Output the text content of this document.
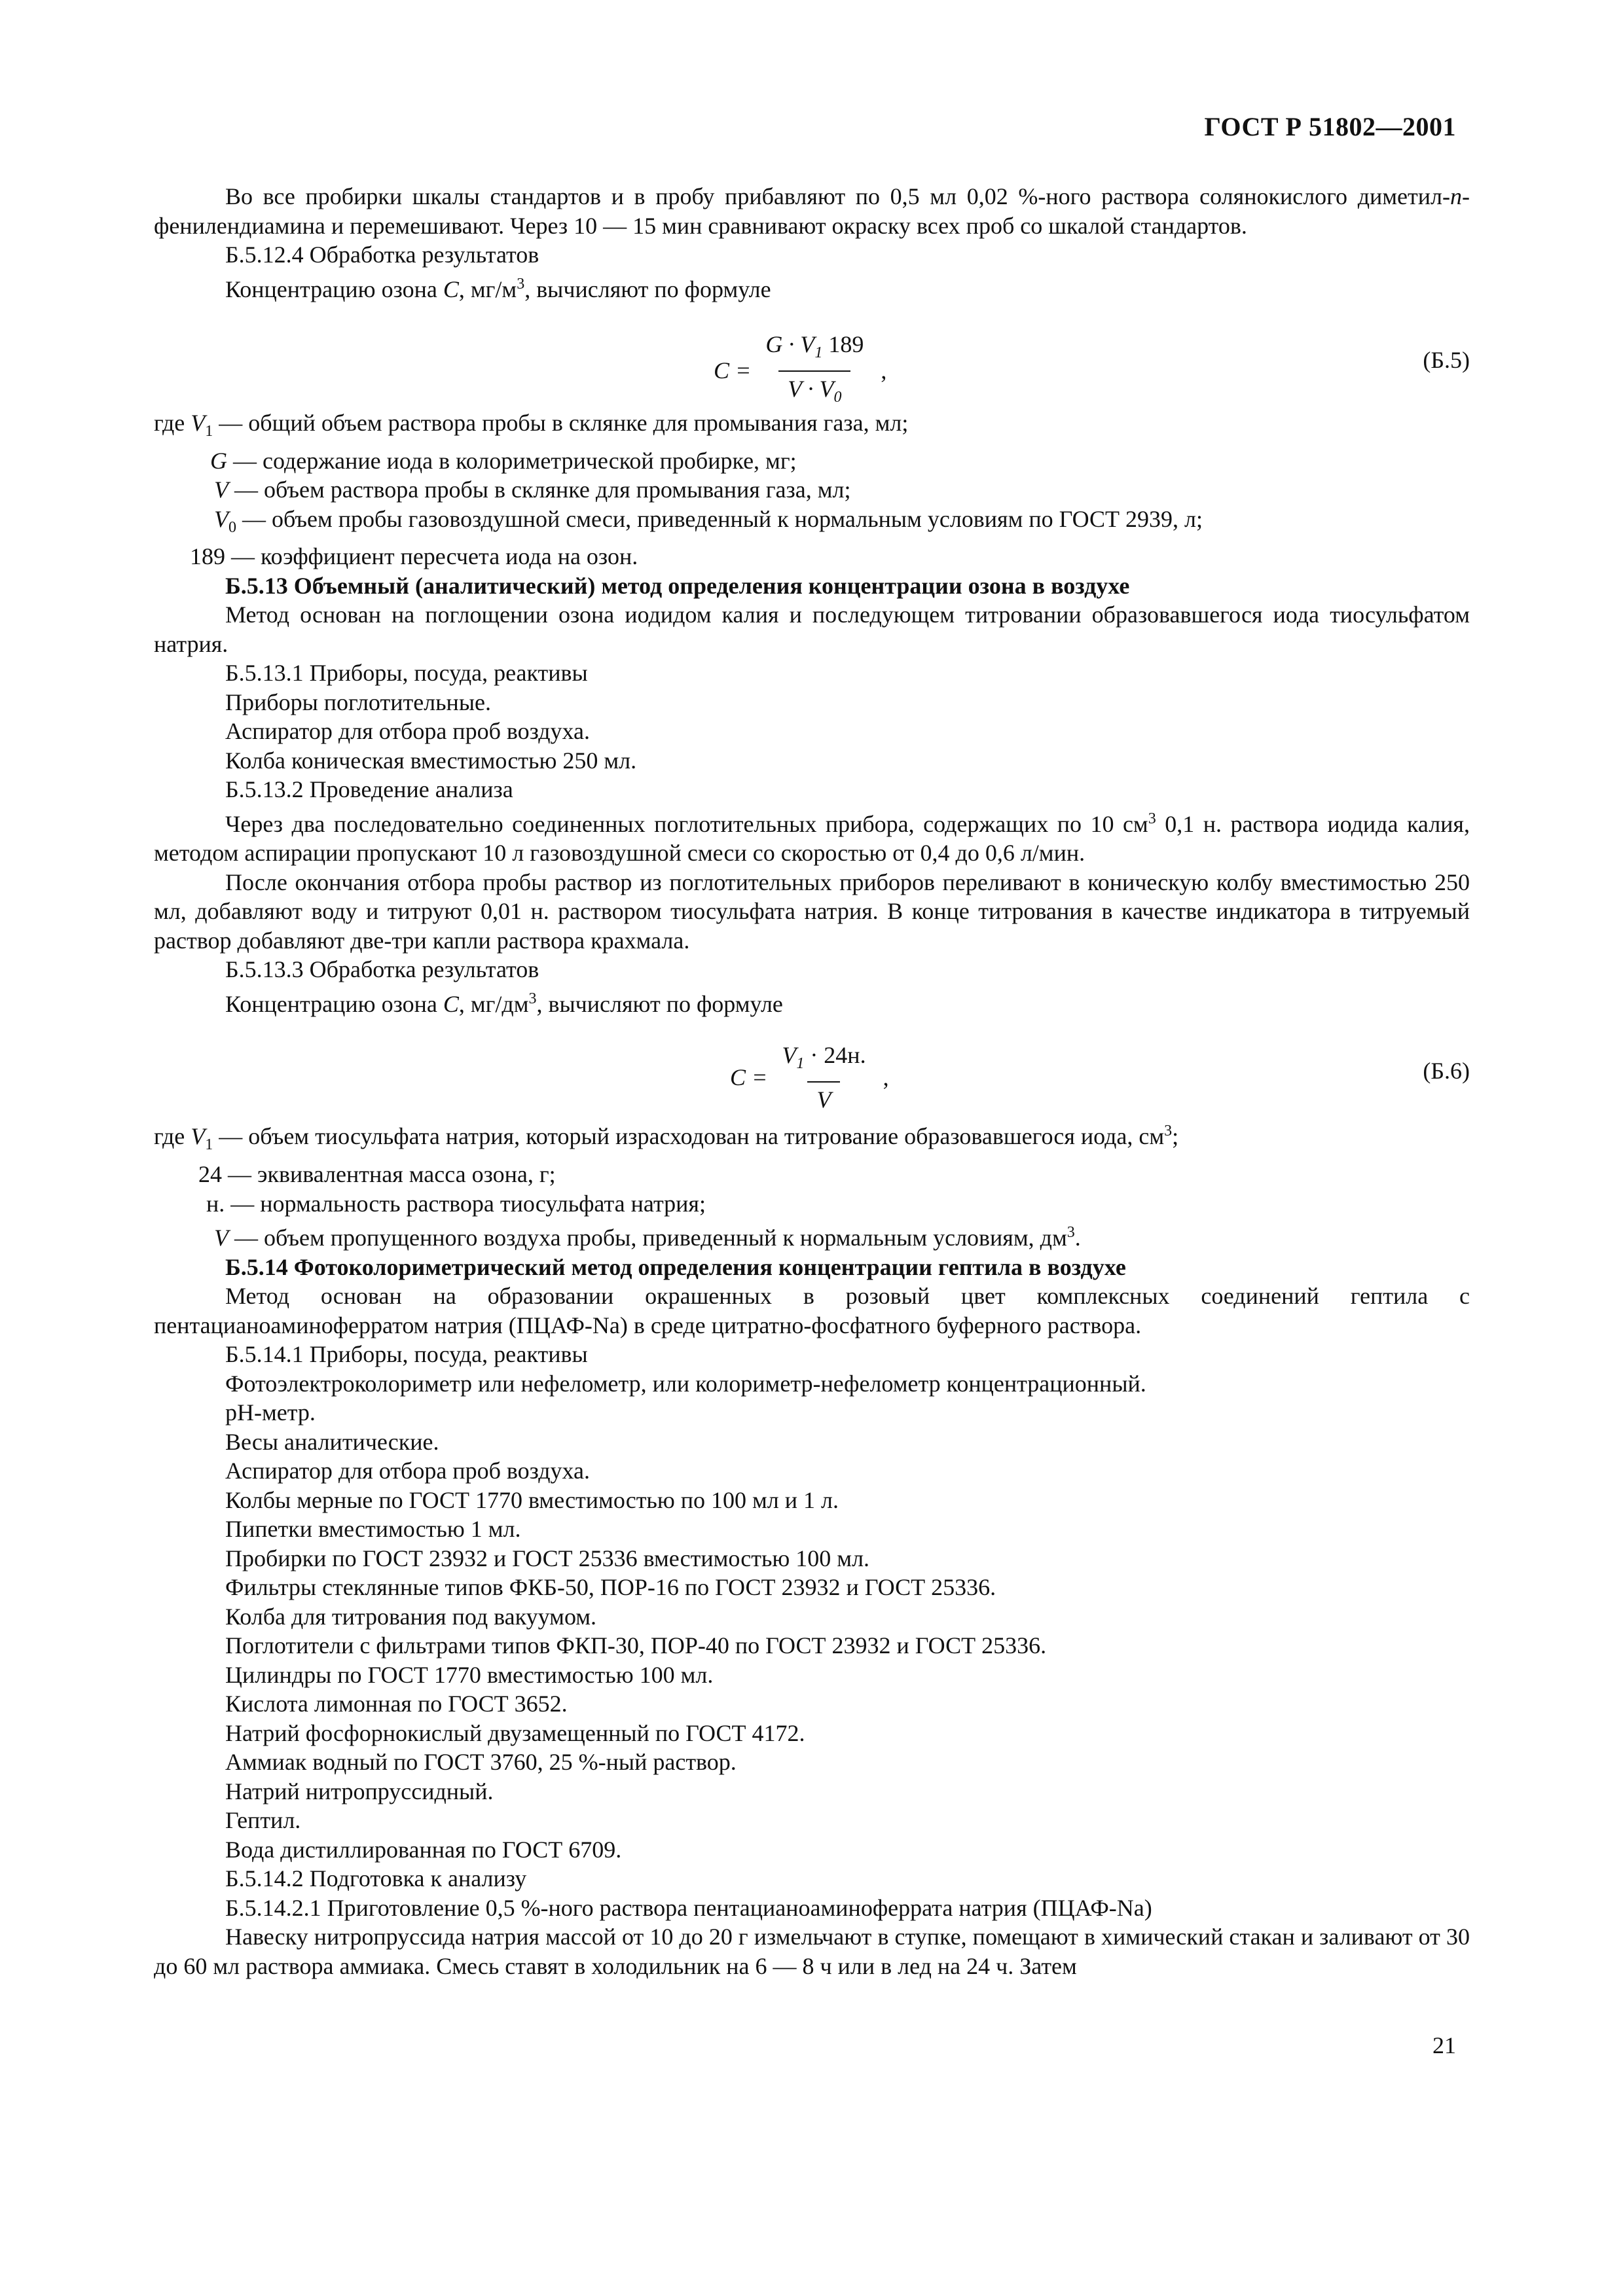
ГОСТ Р 51802—2001

Во все пробирки шкалы стандартов и в пробу прибавляют по 0,5 мл 0,02 %-ного раствора солянокислого диметил-n-фенилендиамина и перемешивают. Через 10 — 15 мин сравнивают окраску всех проб со шкалой стандартов.

Б.5.12.4 Обработка результатов

Концентрацию озона C, $мг/м^3$, вычисляют по формуле

$C = \frac{G \cdot V_1 189}{V \cdot V_0}$ ,	(Б.5)

где $V_1$ — общий объем раствора пробы в склянке для промывания газа, мл;

G — содержание иода в колориметрической пробирке, мг;

V — объем раствора пробы в склянке для промывания газа, мл;

$V_0$ — объем пробы газовоздушной смеси, приведенный к нормальным условиям по ГОСТ 2939, л;

189 — коэффициент пересчета иода на озон.

Б.5.13 Объемный (аналитический) метод определения концентрации озона в воздухе

Метод основан на поглощении озона иодидом калия и последующем титровании образовавшегося иода тиосульфатом натрия.

Б.5.13.1 Приборы, посуда, реактивы

Приборы поглотительные.

Аспиратор для отбора проб воздуха.

Колба коническая вместимостью 250 мл.

Б.5.13.2 Проведение анализа

Через два последовательно соединенных поглотительных прибора, содержащих по 10 $см^3$ 0,1 н. раствора иодида калия, методом аспирации пропускают 10 л газовоздушной смеси со скоростью от 0,4 до 0,6 л/мин.

После окончания отбора пробы раствор из поглотительных приборов переливают в коническую колбу вместимостью 250 мл, добавляют воду и титруют 0,01 н. раствором тиосульфата натрия. В конце титрования в качестве индикатора в титруемый раствор добавляют две-три капли раствора крахмала.

Б.5.13.3 Обработка результатов

Концентрацию озона C, $мг/дм^3$, вычисляют по формуле

$C = \frac{V_1 \cdot 24н.}{V}$ ,	(Б.6)

где $V_1$ — объем тиосульфата натрия, который израсходован на титрование образовавшегося иода, $см^3$;

24 — эквивалентная масса озона, г;

н. — нормальность раствора тиосульфата натрия;

V — объем пропущенного воздуха пробы, приведенный к нормальным условиям, $дм^3$.

Б.5.14 Фотоколориметрический метод определения концентрации гептила в воздухе

Метод основан на образовании окрашенных в розовый цвет комплексных соединений гептила с пентацианоаминоферратом натрия (ПЦАФ-Na) в среде цитратно-фосфатного буферного раствора.

Б.5.14.1 Приборы, посуда, реактивы

Фотоэлектроколориметр или нефелометр, или колориметр-нефелометр концентрационный.

рН-метр.

Весы аналитические.

Аспиратор для отбора проб воздуха.

Колбы мерные по ГОСТ 1770 вместимостью по 100 мл и 1 л.

Пипетки вместимостью 1 мл.

Пробирки по ГОСТ 23932 и ГОСТ 25336 вместимостью 100 мл.

Фильтры стеклянные типов ФКБ-50, ПОР-16 по ГОСТ 23932 и ГОСТ 25336.

Колба для титрования под вакуумом.

Поглотители с фильтрами типов ФКП-30, ПОР-40 по ГОСТ 23932 и ГОСТ 25336.

Цилиндры по ГОСТ 1770 вместимостью 100 мл.

Кислота лимонная по ГОСТ 3652.

Натрий фосфорнокислый двузамещенный по ГОСТ 4172.

Аммиак водный по ГОСТ 3760, 25 %-ный раствор.

Натрий нитропруссидный.

Гептил.

Вода дистиллированная по ГОСТ 6709.

Б.5.14.2 Подготовка к анализу

Б.5.14.2.1 Приготовление 0,5 %-ного раствора пентацианоаминоферрата натрия (ПЦАФ-Na)

Навеску нитропруссида натрия массой от 10 до 20 г измельчают в ступке, помещают в химический стакан и заливают от 30 до 60 мл раствора аммиака. Смесь ставят в холодильник на 6 — 8 ч или в лед на 24 ч. Затем

21
